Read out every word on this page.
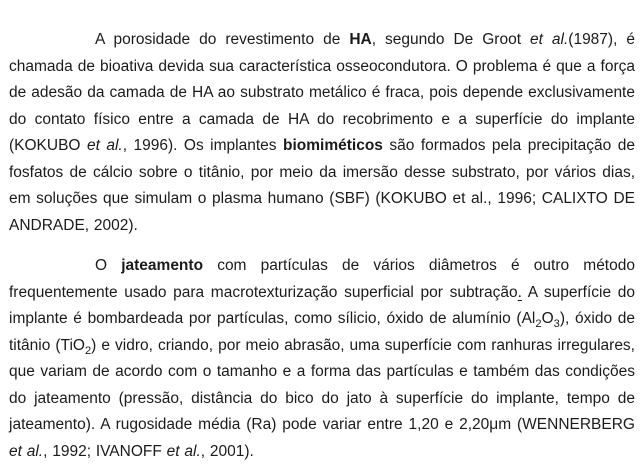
A porosidade do revestimento de HA, segundo De Groot et al.(1987), é chamada de bioativa devida sua característica osseocondutora. O problema é que a força de adesão da camada de HA ao substrato metálico é fraca, pois depende exclusivamente do contato físico entre a camada de HA do recobrimento e a superfície do implante (KOKUBO et al., 1996). Os implantes biomiméticos são formados pela precipitação de fosfatos de cálcio sobre o titânio, por meio da imersão desse substrato, por vários dias, em soluções que simulam o plasma humano (SBF) (KOKUBO et al., 1996; CALIXTO DE ANDRADE, 2002).

O jateamento com partículas de vários diâmetros é outro método frequentemente usado para macrotexturização superficial por subtração. A superfície do implante é bombardeada por partículas, como sílicio, óxido de alumínio $(Al_2O_3)$, óxido de titânio (TiO$_2$) e vidro, criando, por meio abrasão, uma superfície com ranhuras irregulares, que variam de acordo com o tamanho e a forma das partículas e também das condições do jateamento (pressão, distância do bico do jato à superfície do implante, tempo de jateamento). A rugosidade média (Ra) pode variar entre 1,20 e 2,20μm (WENNERBERG et al., 1992; IVANOFF et al., 2001).
